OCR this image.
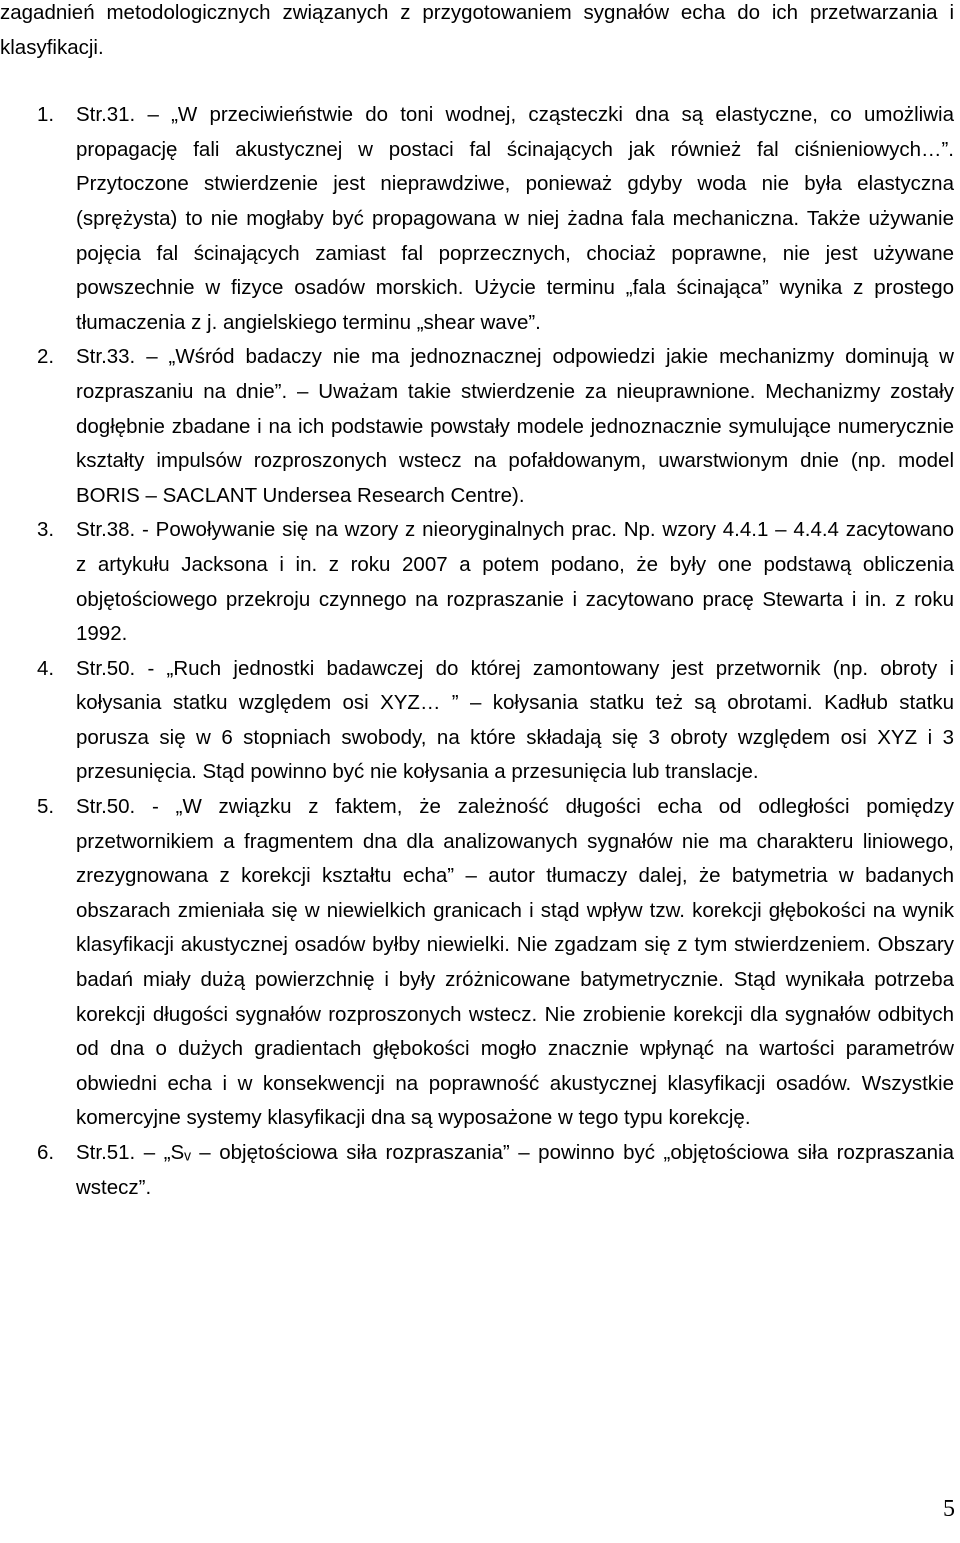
zagadnień metodologicznych związanych z przygotowaniem sygnałów echa do ich przetwarzania i klasyfikacji.

1. Str.31. – „W przeciwieństwie do toni wodnej, cząsteczki dna są elastyczne, co umożliwia propagację fali akustycznej w postaci fal ścinających jak również fal ciśnieniowych…”. Przytoczone stwierdzenie jest nieprawdziwe, ponieważ gdyby woda nie była elastyczna (sprężysta) to nie mogłaby być propagowana w niej żadna fala mechaniczna. Także używanie pojęcia fal ścinających zamiast fal poprzecznych, chociaż poprawne, nie jest używane powszechnie w fizyce osadów morskich. Użycie terminu „fala ścinająca” wynika z prostego tłumaczenia z j. angielskiego terminu „shear wave”.
2. Str.33. – „Wśród badaczy nie ma jednoznacznej odpowiedzi jakie mechanizmy dominują w rozpraszaniu na dnie”. – Uważam takie stwierdzenie za nieuprawnione. Mechanizmy zostały dogłębnie zbadane i na ich podstawie powstały modele jednoznacznie symulujące numerycznie kształty impulsów rozproszonych wstecz na pofałdowanym, uwarstwionym dnie (np. model BORIS – SACLANT Undersea Research Centre).
3. Str.38. - Powoływanie się na wzory z nieoryginalnych prac. Np. wzory 4.4.1 – 4.4.4 zacytowano z artykułu Jacksona i in. z roku 2007 a potem podano, że były one podstawą obliczenia objętościowego przekroju czynnego na rozpraszanie i zacytowano pracę Stewarta i in. z roku 1992.
4. Str.50. - „Ruch jednostki badawczej do której zamontowany jest przetwornik (np. obroty i kołysania statku względem osi XYZ… ” – kołysania statku też są obrotami. Kadłub statku porusza się w 6 stopniach swobody, na które składają się 3 obroty względem osi XYZ i 3 przesunięcia. Stąd powinno być nie kołysania a przesunięcia lub translacje.
5. Str.50. - „W związku z faktem, że zależność długości echa od odległości pomiędzy przetwornikiem a fragmentem dna dla analizowanych sygnałów nie ma charakteru liniowego, zrezygnowana z korekcji kształtu echa” – autor tłumaczy dalej, że batymetria w badanych obszarach zmieniała się w niewielkich granicach i stąd wpływ tzw. korekcji głębokości na wynik klasyfikacji akustycznej osadów byłby niewielki. Nie zgadzam się z tym stwierdzeniem. Obszary badań miały dużą powierzchnię i były zróżnicowane batymetrycznie. Stąd wynikała potrzeba korekcji długości sygnałów rozproszonych wstecz. Nie zrobienie korekcji dla sygnałów odbitych od dna o dużych gradientach głębokości mogło znacznie wpłynąć na wartości parametrów obwiedni echa i w konsekwencji na poprawność akustycznej klasyfikacji osadów. Wszystkie komercyjne systemy klasyfikacji dna są wyposażone w tego typu korekcję.
6. Str.51. – „Sᵥ – objętościowa siła rozpraszania” – powinno być „objętościowa siła rozpraszania wstecz”.
5
